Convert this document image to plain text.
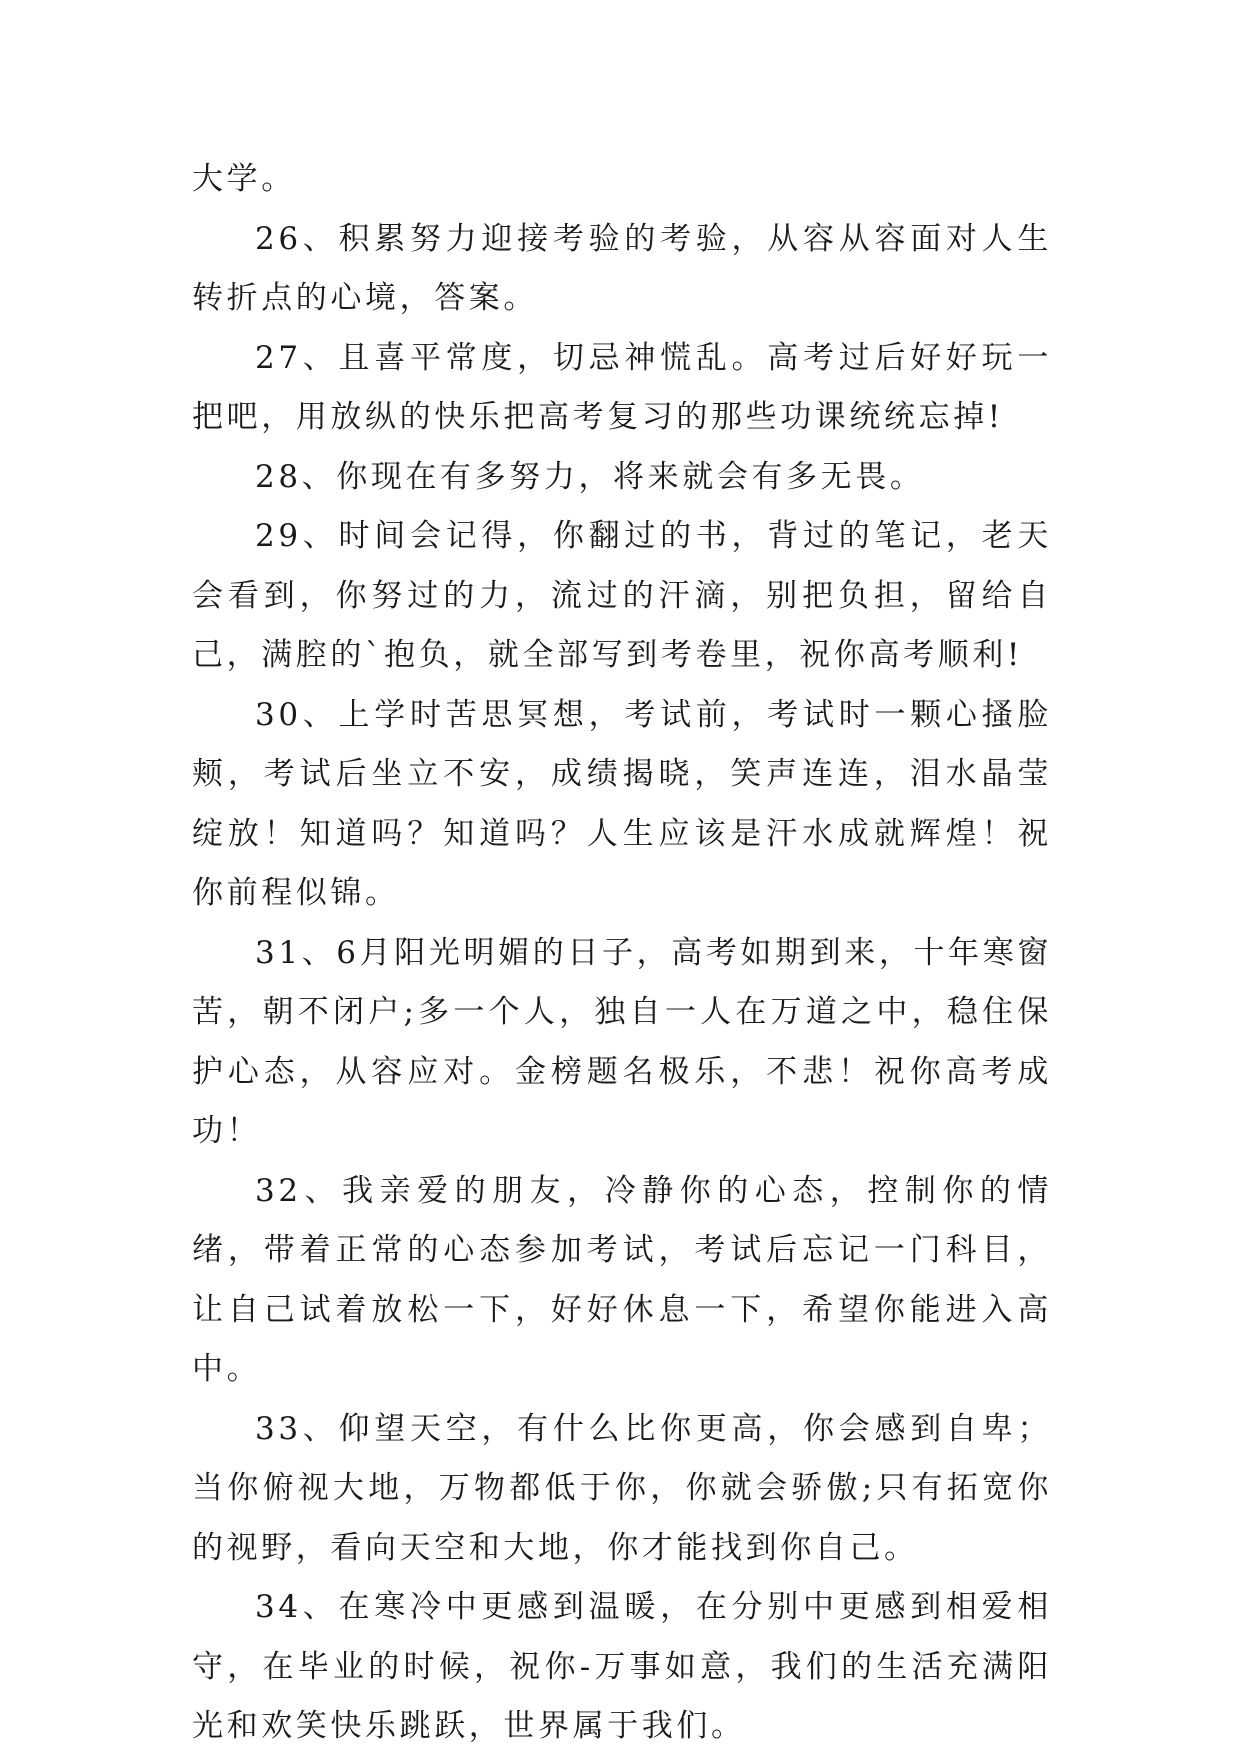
大学。

26、积累努力迎接考验的考验，从容从容面对人生转折点的心境，答案。

27、且喜平常度，切忌神慌乱。高考过后好好玩一把吧，用放纵的快乐把高考复习的那些功课统统忘掉!

28、你现在有多努力，将来就会有多无畏。

29、时间会记得，你翻过的书，背过的笔记，老天会看到，你努过的力，流过的汗滴，别把负担，留给自己，满腔的`抱负，就全部写到考卷里，祝你高考顺利!

30、上学时苦思冥想，考试前，考试时一颗心搔脸颊，考试后坐立不安，成绩揭晓，笑声连连，泪水晶莹绽放！知道吗？知道吗？人生应该是汗水成就辉煌！祝你前程似锦。

31、6月阳光明媚的日子，高考如期到来，十年寒窗苦，朝不闭户;多一个人，独自一人在万道之中，稳住保护心态，从容应对。金榜题名极乐，不悲！祝你高考成功！

32、我亲爱的朋友，冷静你的心态，控制你的情绪，带着正常的心态参加考试，考试后忘记一门科目，让自己试着放松一下，好好休息一下，希望你能进入高中。

33、仰望天空，有什么比你更高，你会感到自卑；当你俯视大地，万物都低于你，你就会骄傲;只有拓宽你的视野，看向天空和大地，你才能找到你自己。

34、在寒冷中更感到温暖，在分别中更感到相爱相守，在毕业的时候，祝你-万事如意，我们的生活充满阳光和欢笑快乐跳跃，世界属于我们。
